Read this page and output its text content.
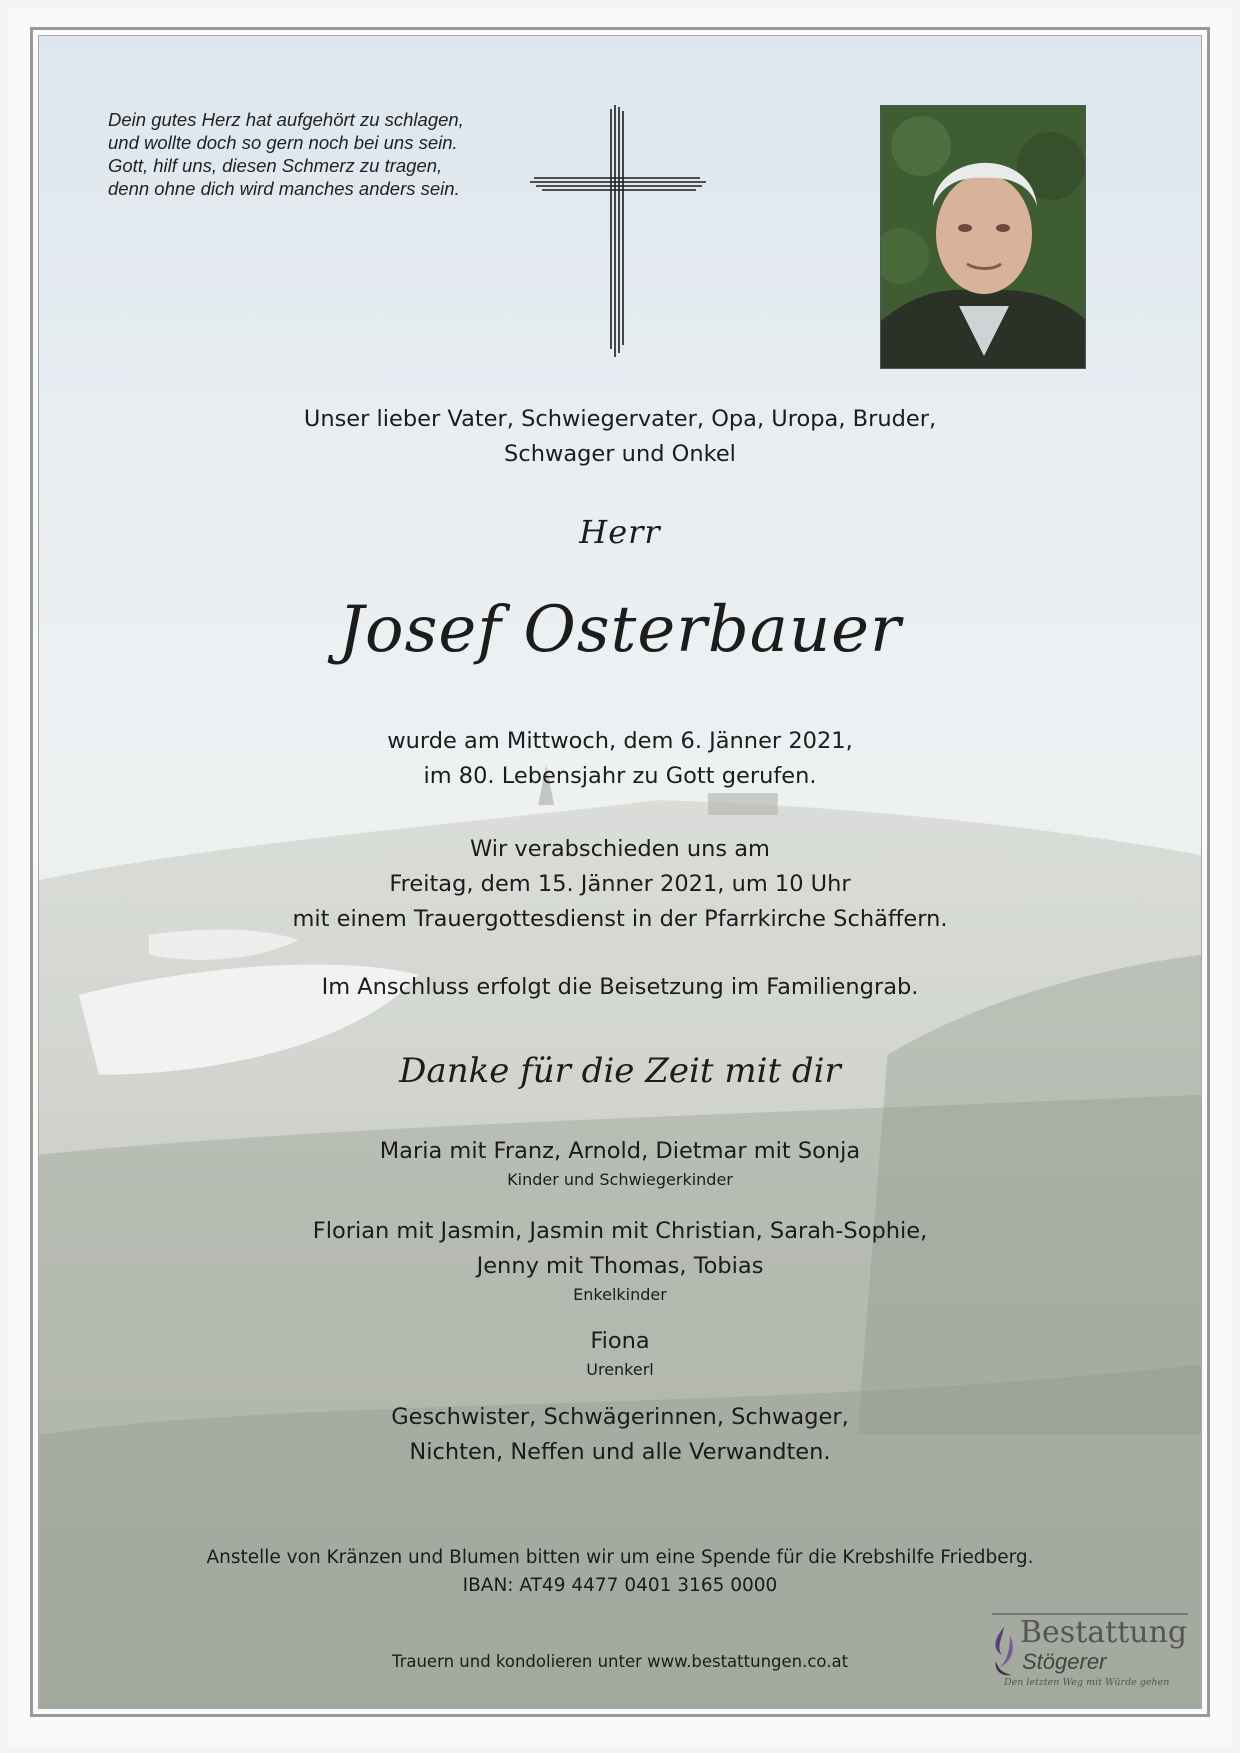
Dein gutes Herz hat aufgehört zu schlagen,
und wollte doch so gern noch bei uns sein.
Gott, hilf uns, diesen Schmerz zu tragen,
denn ohne dich wird manches anders sein.
Unser lieber Vater, Schwiegervater, Opa, Uropa, Bruder,
Schwager und Onkel
Herr
Josef Osterbauer
wurde am Mittwoch, dem 6. Jänner 2021,
im 80. Lebensjahr zu Gott gerufen.
Wir verabschieden uns am
Freitag, dem 15. Jänner 2021, um 10 Uhr
mit einem Trauergottesdienst in der Pfarrkirche Schäffern.
Im Anschluss erfolgt die Beisetzung im Familiengrab.
Danke für die Zeit mit dir
Maria mit Franz, Arnold, Dietmar mit Sonja
Kinder und Schwiegerkinder
Florian mit Jasmin, Jasmin mit Christian, Sarah-Sophie,
Jenny mit Thomas, Tobias
Enkelkinder
Fiona
Urenkerl
Geschwister, Schwägerinnen, Schwager,
Nichten, Neffen und alle Verwandten.
Anstelle von Kränzen und Blumen bitten wir um eine Spende für die Krebshilfe Friedberg.
IBAN: AT49 4477 0401 3165 0000
Trauern und kondolieren unter www.bestattungen.co.at
Bestattung
Stögerer
Den letzten Weg mit Würde gehen
